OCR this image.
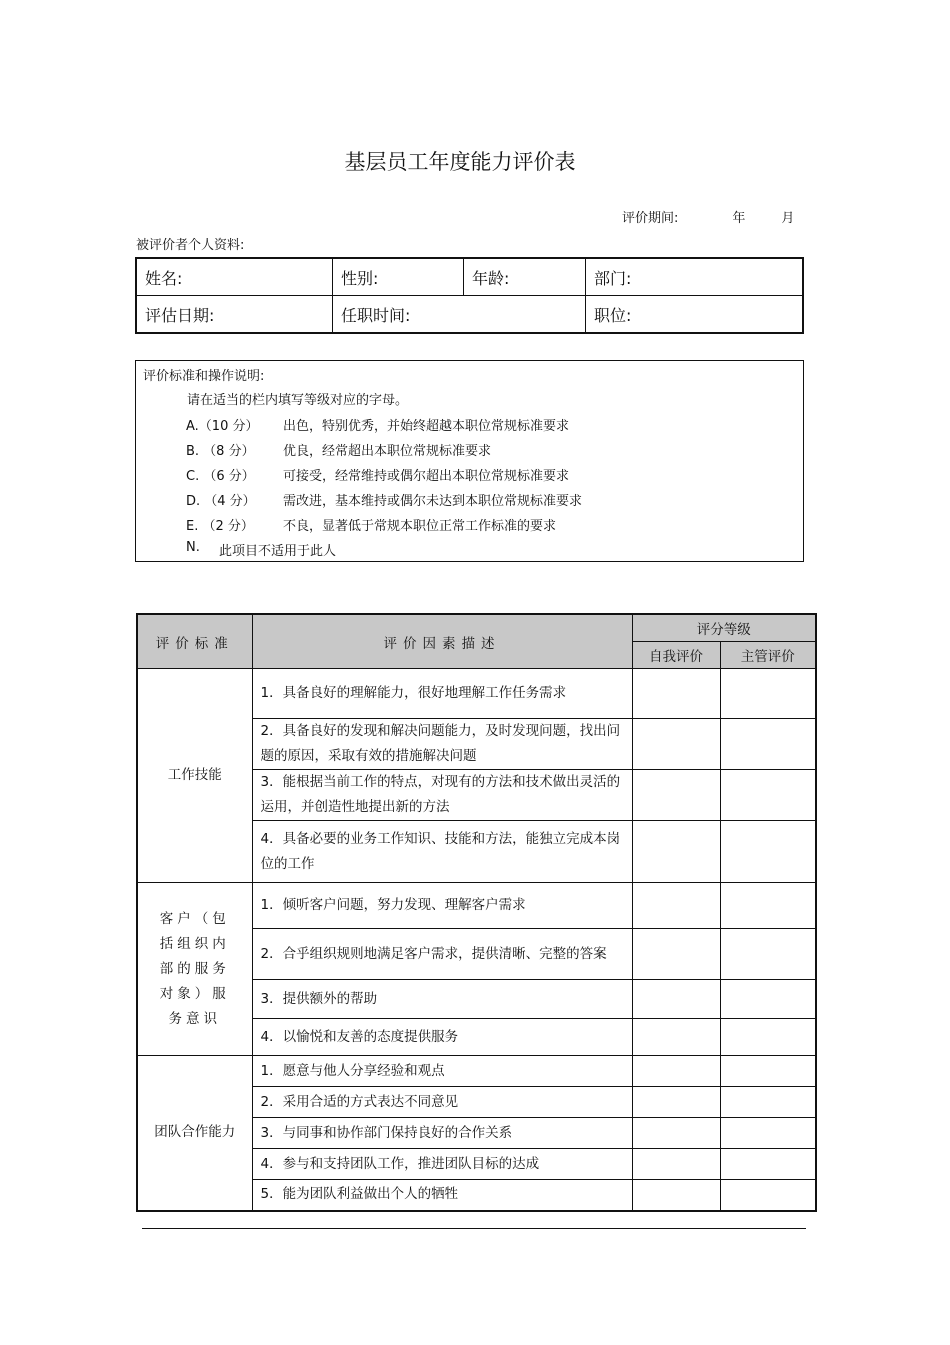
基层员工年度能力评价表
评价期间:	年	月
被评价者个人资料:
姓名:	性别:	年龄:	部门:
评估日期:	任职时间:		职位:
评价标准和操作说明:
请在适当的栏内填写等级对应的字母。
A.（10 分） 出色，特别优秀，并始终超越本职位常规标准要求
B. （8 分） 优良，经常超出本职位常规标准要求
C. （6 分） 可接受，经常维持或偶尔超出本职位常规标准要求
D. （4 分） 需改进，基本维持或偶尔未达到本职位常规标准要求
E. （2 分） 不良，显著低于常规本职位正常工作标准的要求
N. 此项目不适用于此人
评价标准	评价因素描述	评分等级	
		自我评价	主管评价
工作技能	1．具备良好的理解能力，很好地理解工作任务需求		
	2．具备良好的发现和解决问题能力，及时发现问题，找出问题的原因，采取有效的措施解决问题		
	3．能根据当前工作的特点，对现有的方法和技术做出灵活的运用，并创造性地提出新的方法		
	4．具备必要的业务工作知识、技能和方法，能独立完成本岗位的工作		
客户（包括组织内部的服务对象）服务意识	1．倾听客户问题，努力发现、理解客户需求		
	2．合乎组织规则地满足客户需求，提供清晰、完整的答案		
	3．提供额外的帮助		
	4．以愉悦和友善的态度提供服务		
团队合作能力	1．愿意与他人分享经验和观点		
	2．采用合适的方式表达不同意见		
	3．与同事和协作部门保持良好的合作关系		
	4．参与和支持团队工作，推进团队目标的达成		
	5．能为团队利益做出个人的牺牲		
